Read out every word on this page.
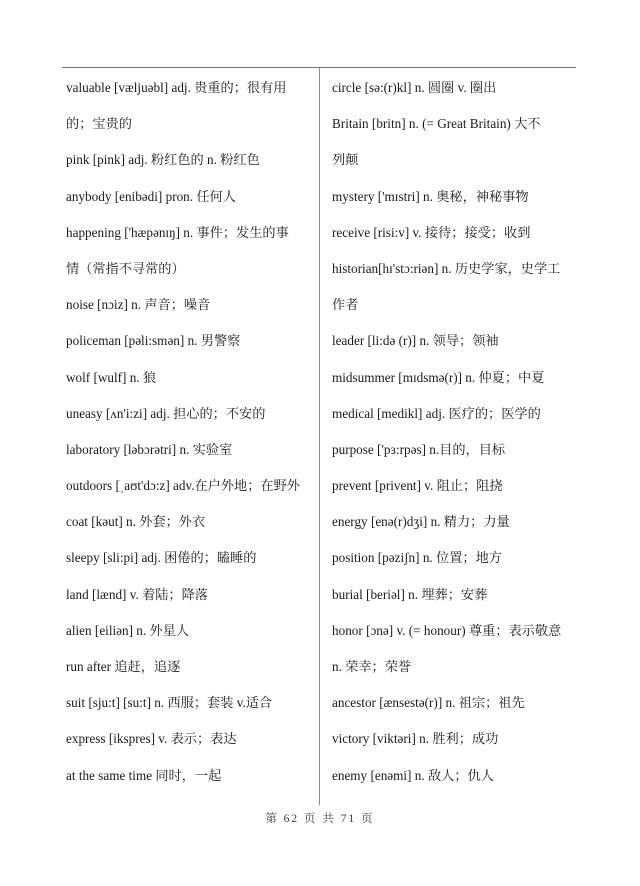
valuable [væljuəbl] adj. 贵重的；很有用
的；宝贵的
pink [pink] adj. 粉红色的 n. 粉红色
anybody [enibədi] pron. 任何人
happening ['hæpənɪŋ] n. 事件；发生的事
情（常指不寻常的）
noise [nɔiz] n. 声音；噪音
policeman [pəli:smən] n. 男警察
wolf [wulf] n. 狼
uneasy [ʌn'i:zi] adj. 担心的；不安的
laboratory [ləbɔrətri] n. 实验室
outdoors [ˌaʊt'dɔ:z] adv.在户外地；在野外
coat [kəut] n. 外套；外衣
sleepy [sli:pi] adj. 困倦的；瞌睡的
land [lænd] v. 着陆；降落
alien [eiliən] n. 外星人
run after 追赶，追逐
suit [sju:t] [su:t] n. 西服；套装 v.适合
express [ikspres] v. 表示；表达
at the same time 同时，一起
circle [sə:(r)kl] n. 圆圈 v. 圈出
Britain [britn] n. (= Great Britain) 大不
列颠
mystery ['mɪstri] n. 奥秘，神秘事物
receive [risi:v] v. 接待；接受；收到
historian[hɪ'stɔ:riən] n. 历史学家，史学工
作者
leader [li:də (r)] n. 领导；领袖
midsummer [mɪdsmə(r)] n. 仲夏；中夏
medical [medikl] adj. 医疗的；医学的
purpose ['pɜ:rpəs] n.目的，目标
prevent [privent] v. 阻止；阻挠
energy [enə(r)dʒi] n. 精力；力量
position [pəziʃn] n. 位置；地方
burial [beriəl] n. 埋葬；安葬
honor [ɔnə] v. (= honour) 尊重；表示敬意
n. 荣幸；荣誉
ancestor [ænsestə(r)] n. 祖宗；祖先
victory [viktəri] n. 胜利；成功
enemy [enəmi] n. 敌人；仇人
第 62 页 共 71 页
